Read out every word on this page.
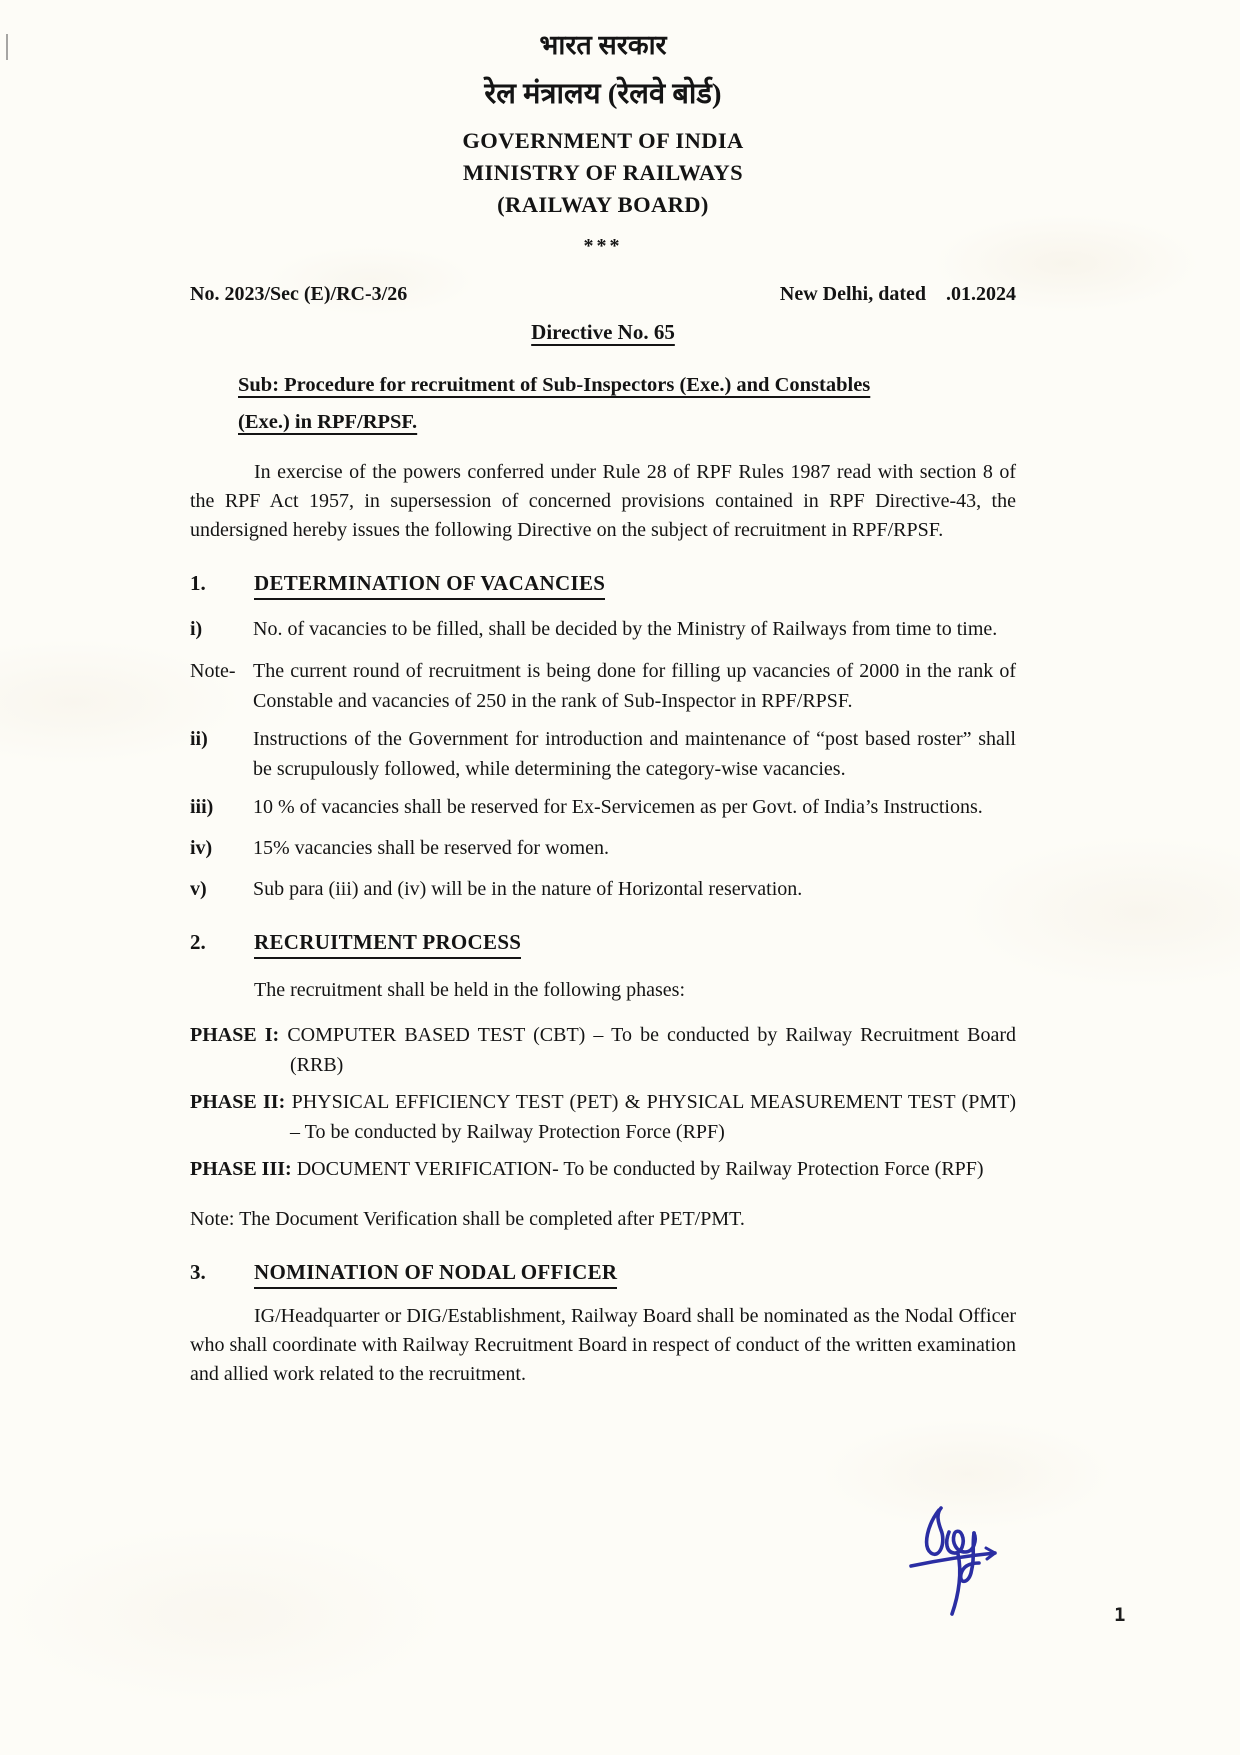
भारत सरकार
रेल मंत्रालय (रेलवे बोर्ड)
GOVERNMENT OF INDIA
MINISTRY OF RAILWAYS
(RAILWAY BOARD)
***
No. 2023/Sec (E)/RC-3/26	New Delhi, dated    .01.2024
Directive No. 65
Sub: Procedure for recruitment of Sub-Inspectors (Exe.) and Constables
(Exe.) in RPF/RPSF.

In exercise of the powers conferred under Rule 28 of RPF Rules 1987 read with section 8 of the RPF Act 1957, in supersession of concerned provisions contained in RPF Directive-43, the undersigned hereby issues the following Directive on the subject of recruitment in RPF/RPSF.

1.	DETERMINATION OF VACANCIES
i)	No. of vacancies to be filled, shall be decided by the Ministry of Railways from time to time.
Note- The current round of recruitment is being done for filling up vacancies of 2000 in the rank of Constable and vacancies of 250 in the rank of Sub-Inspector in RPF/RPSF.
ii)	Instructions of the Government for introduction and maintenance of “post based roster” shall be scrupulously followed, while determining the category-wise vacancies.
iii)	10 % of vacancies shall be reserved for Ex-Servicemen as per Govt. of India’s Instructions.
iv)	15% vacancies shall be reserved for women.
v)	Sub para (iii) and (iv) will be in the nature of Horizontal reservation.
2.	RECRUITMENT PROCESS

The recruitment shall be held in the following phases:

PHASE I: COMPUTER BASED TEST (CBT) – To be conducted by Railway Recruitment Board (RRB)
PHASE II: PHYSICAL EFFICIENCY TEST (PET) & PHYSICAL MEASUREMENT TEST (PMT) – To be conducted by Railway Protection Force (RPF)
PHASE III: DOCUMENT VERIFICATION- To be conducted by Railway Protection Force (RPF)

Note: The Document Verification shall be completed after PET/PMT.

3.	NOMINATION OF NODAL OFFICER

IG/Headquarter or DIG/Establishment, Railway Board shall be nominated as the Nodal Officer who shall coordinate with Railway Recruitment Board in respect of conduct of the written examination and allied work related to the recruitment.

1
